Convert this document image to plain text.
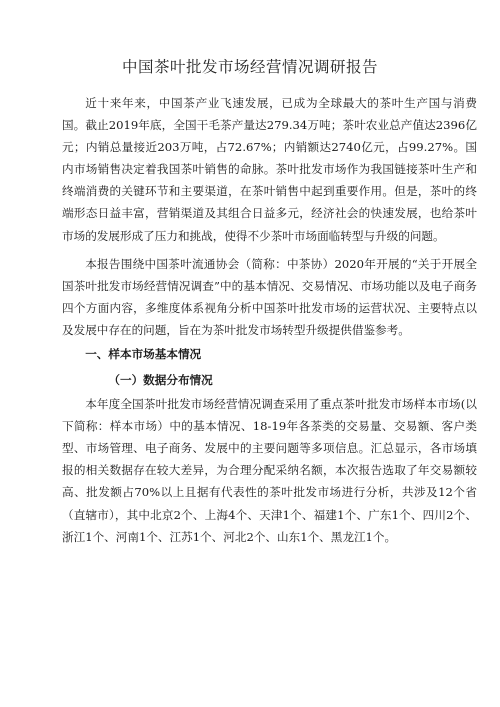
中国茶叶批发市场经营情况调研报告

近十来年来，中国茶产业飞速发展，已成为全球最大的茶叶生产国与消费国。截止2019年底，全国干毛茶产量达279.34万吨；茶叶农业总产值达2396亿元；内销总量接近203万吨，占72.67%；内销额达2740亿元，占99.27%。国内市场销售决定着我国茶叶销售的命脉。茶叶批发市场作为我国链接茶叶生产和终端消费的关键环节和主要渠道，在茶叶销售中起到重要作用。但是，茶叶的终端形态日益丰富，营销渠道及其组合日益多元，经济社会的快速发展，也给茶叶市场的发展形成了压力和挑战，使得不少茶叶市场面临转型与升级的问题。

本报告围绕中国茶叶流通协会（简称：中茶协）2020年开展的“关于开展全国茶叶批发市场经营情况调查”中的基本情况、交易情况、市场功能以及电子商务四个方面内容，多维度体系视角分析中国茶叶批发市场的运营状况、主要特点以及发展中存在的问题，旨在为茶叶批发市场转型升级提供借鉴参考。

一、样本市场基本情况

（一）数据分布情况

本年度全国茶叶批发市场经营情况调查采用了重点茶叶批发市场样本市场(以下简称：样本市场）中的基本情况、18-19年各茶类的交易量、交易额、客户类型、市场管理、电子商务、发展中的主要问题等多项信息。汇总显示，各市场填报的相关数据存在较大差异，为合理分配采纳名额，本次报告选取了年交易额较高、批发额占70%以上且据有代表性的茶叶批发市场进行分析，共涉及12个省（直辖市），其中北京2个、上海4个、天津1个、福建1个、广东1个、四川2个、浙江1个、河南1个、江苏1个、河北2个、山东1个、黑龙江1个。
